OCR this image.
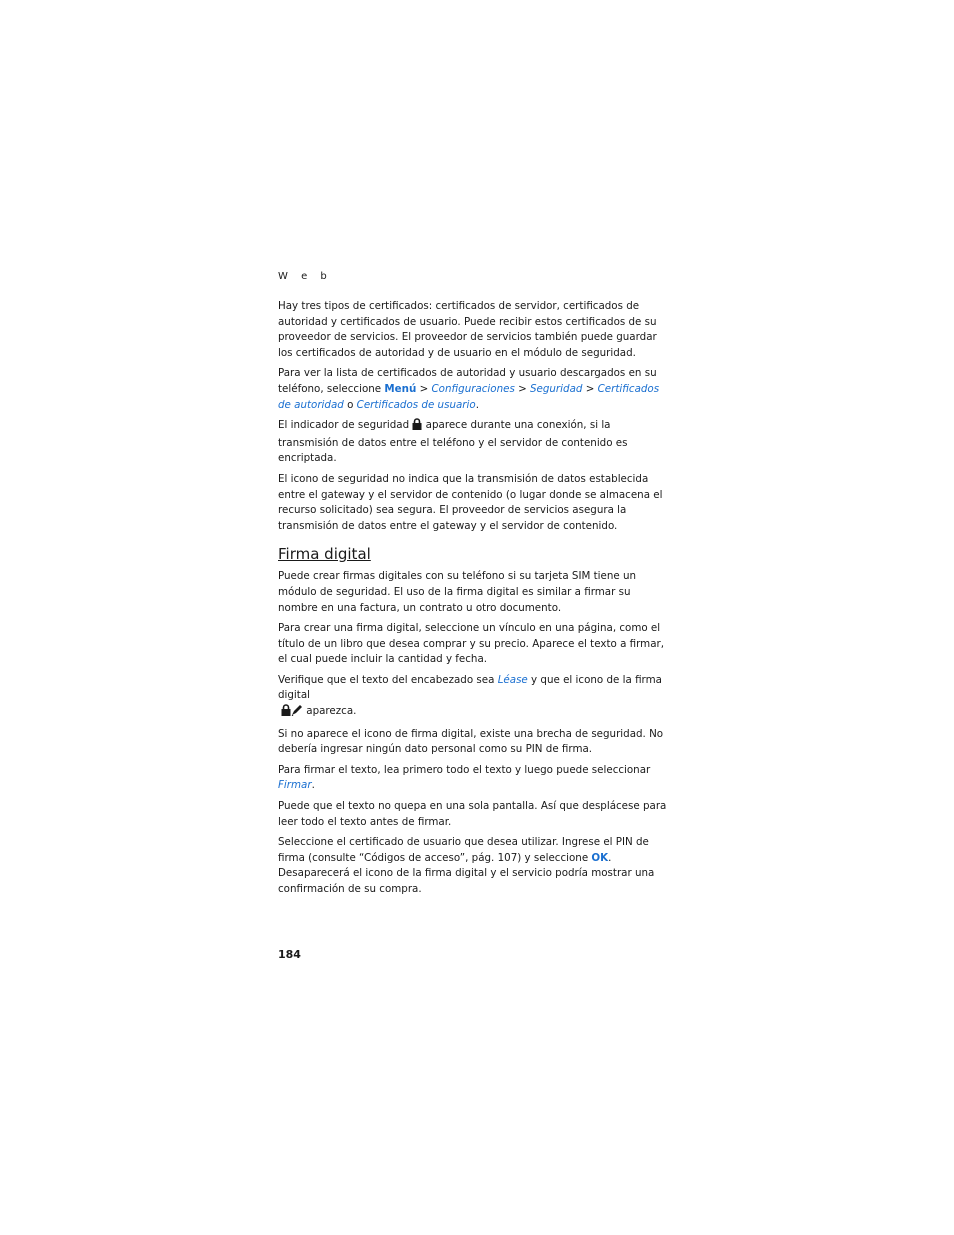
W e b

Hay tres tipos de certificados: certificados de servidor, certificados de autoridad y certificados de usuario. Puede recibir estos certificados de su proveedor de servicios. El proveedor de servicios también puede guardar los certificados de autoridad y de usuario en el módulo de seguridad.

Para ver la lista de certificados de autoridad y usuario descargados en su teléfono, seleccione Menú > Configuraciones > Seguridad > Certificados de autoridad o Certificados de usuario.

El indicador de seguridad  aparece durante una conexión, si la transmisión de datos entre el teléfono y el servidor de contenido es encriptada.

El icono de seguridad no indica que la transmisión de datos establecida entre el gateway y el servidor de contenido (o lugar donde se almacena el recurso solicitado) sea segura. El proveedor de servicios asegura la transmisión de datos entre el gateway y el servidor de contenido.

Firma digital

Puede crear firmas digitales con su teléfono si su tarjeta SIM tiene un módulo de seguridad. El uso de la firma digital es similar a firmar su nombre en una factura, un contrato u otro documento.

Para crear una firma digital, seleccione un vínculo en una página, como el título de un libro que desea comprar y su precio. Aparece el texto a firmar, el cual puede incluir la cantidad y fecha.

Verifique que el texto del encabezado sea Léase y que el icono de la firma digital
aparezca.

Si no aparece el icono de firma digital, existe una brecha de seguridad. No debería ingresar ningún dato personal como su PIN de firma.

Para firmar el texto, lea primero todo el texto y luego puede seleccionar Firmar.

Puede que el texto no quepa en una sola pantalla. Así que desplácese para leer todo el texto antes de firmar.

Seleccione el certificado de usuario que desea utilizar. Ingrese el PIN de firma (consulte “Códigos de acceso”, pág. 107) y seleccione OK. Desaparecerá el icono de la firma digital y el servicio podría mostrar una confirmación de su compra.

184
